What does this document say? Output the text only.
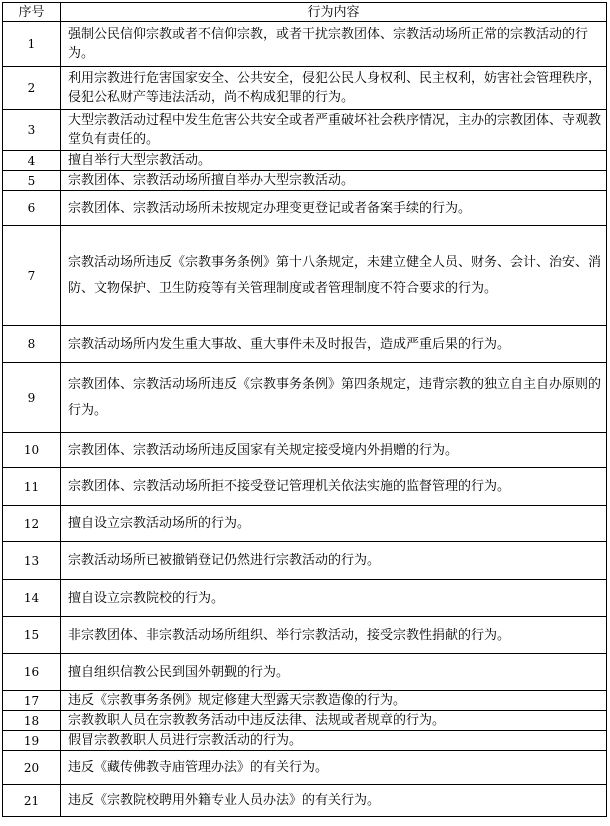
序号	行为内容
1	强制公民信仰宗教或者不信仰宗教，或者干扰宗教团体、宗教活动场所正常的宗教活动的行为。
2	利用宗教进行危害国家安全、公共安全，侵犯公民人身权利、民主权利，妨害社会管理秩序，侵犯公私财产等违法活动，尚不构成犯罪的行为。
3	大型宗教活动过程中发生危害公共安全或者严重破坏社会秩序情况，主办的宗教团体、寺观教堂负有责任的。
4	擅自举行大型宗教活动。
5	宗教团体、宗教活动场所擅自举办大型宗教活动。
6	宗教团体、宗教活动场所未按规定办理变更登记或者备案手续的行为。
7	宗教活动场所违反《宗教事务条例》第十八条规定，未建立健全人员、财务、会计、治安、消防、文物保护、卫生防疫等有关管理制度或者管理制度不符合要求的行为。
8	宗教活动场所内发生重大事故、重大事件未及时报告，造成严重后果的行为。
9	宗教团体、宗教活动场所违反《宗教事务条例》第四条规定，违背宗教的独立自主自办原则的行为。
10	宗教团体、宗教活动场所违反国家有关规定接受境内外捐赠的行为。
11	宗教团体、宗教活动场所拒不接受登记管理机关依法实施的监督管理的行为。
12	擅自设立宗教活动场所的行为。
13	宗教活动场所已被撤销登记仍然进行宗教活动的行为。
14	擅自设立宗教院校的行为。
15	非宗教团体、非宗教活动场所组织、举行宗教活动，接受宗教性捐献的行为。
16	擅自组织信教公民到国外朝觐的行为。
17	违反《宗教事务条例》规定修建大型露天宗教造像的行为。
18	宗教教职人员在宗教教务活动中违反法律、法规或者规章的行为。
19	假冒宗教教职人员进行宗教活动的行为。
20	违反《藏传佛教寺庙管理办法》的有关行为。
21	违反《宗教院校聘用外籍专业人员办法》的有关行为。
